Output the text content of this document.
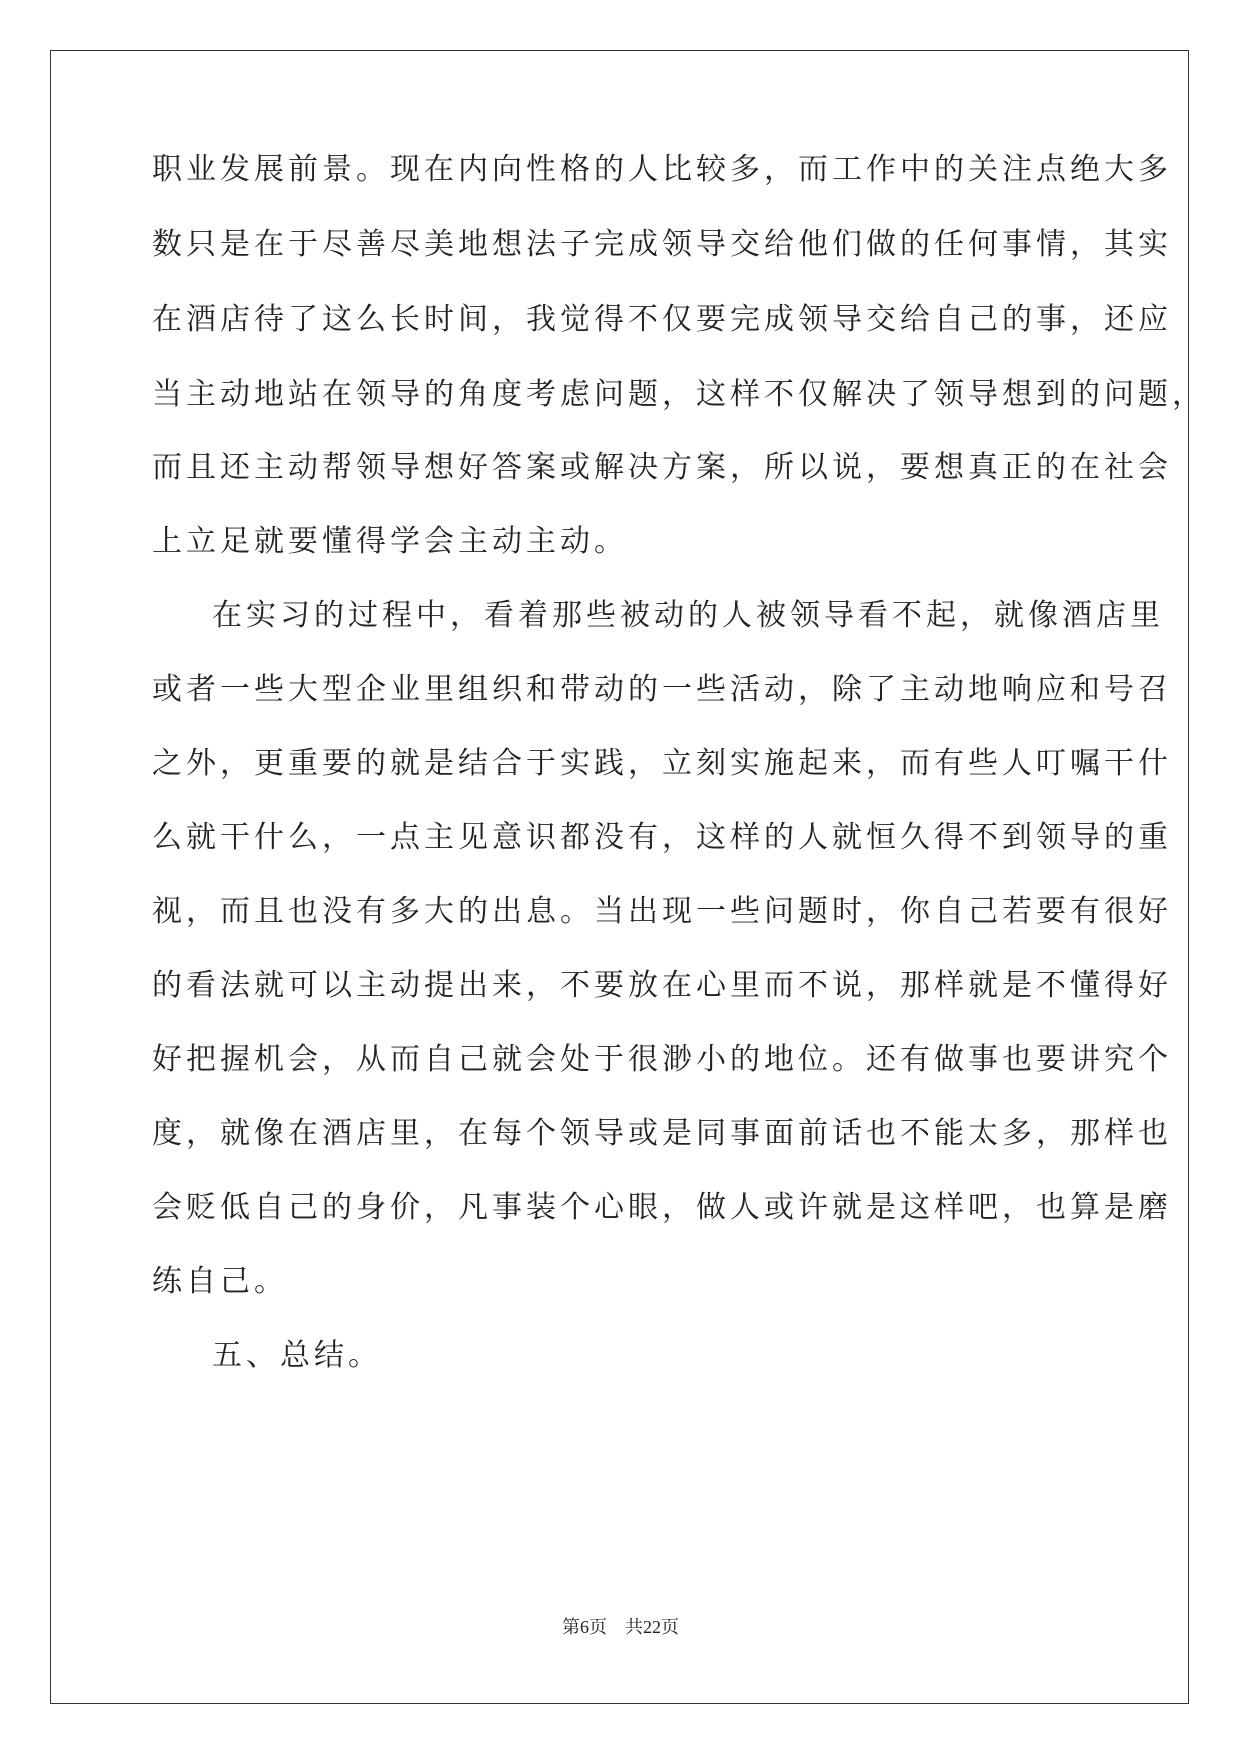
职业发展前景。现在内向性格的人比较多，而工作中的关注点绝大多
数只是在于尽善尽美地想法子完成领导交给他们做的任何事情，其实
在酒店待了这么长时间，我觉得不仅要完成领导交给自己的事，还应
当主动地站在领导的角度考虑问题，这样不仅解决了领导想到的问题，
而且还主动帮领导想好答案或解决方案，所以说，要想真正的在社会
上立足就要懂得学会主动主动。
在实习的过程中，看着那些被动的人被领导看不起，就像酒店里
或者一些大型企业里组织和带动的一些活动，除了主动地响应和号召
之外，更重要的就是结合于实践，立刻实施起来，而有些人叮嘱干什
么就干什么，一点主见意识都没有，这样的人就恒久得不到领导的重
视，而且也没有多大的出息。当出现一些问题时，你自己若要有很好
的看法就可以主动提出来，不要放在心里而不说，那样就是不懂得好
好把握机会，从而自己就会处于很渺小的地位。还有做事也要讲究个
度，就像在酒店里，在每个领导或是同事面前话也不能太多，那样也
会贬低自己的身价，凡事装个心眼，做人或许就是这样吧，也算是磨
练自己。
五、总结。
第6页 共22页
